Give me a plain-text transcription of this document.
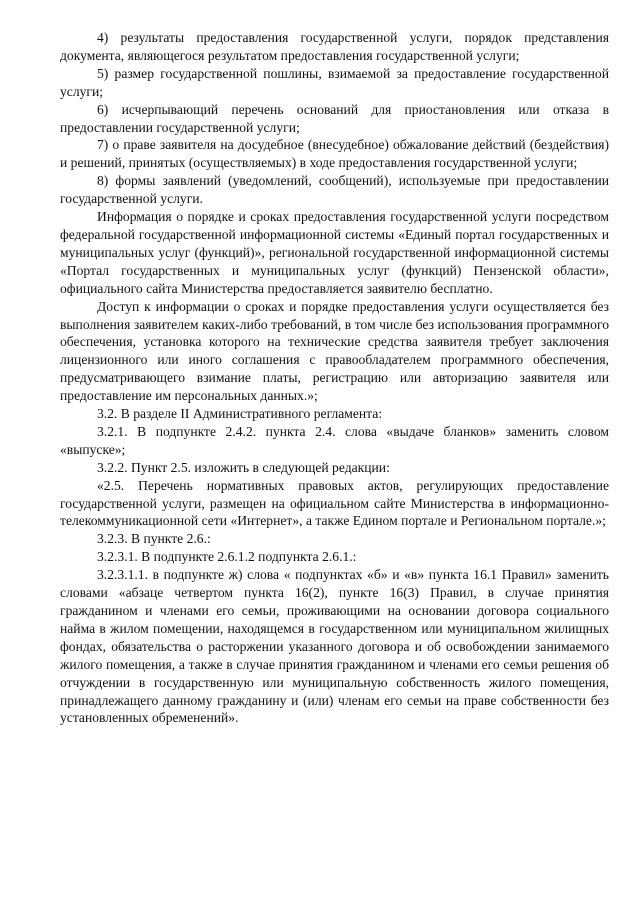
4) результаты предоставления государственной услуги, порядок представления документа, являющегося результатом предоставления государственной услуги;

5) размер государственной пошлины, взимаемой за предоставление государственной услуги;

6) исчерпывающий перечень оснований для приостановления или отказа в предоставлении государственной услуги;

7) о праве заявителя на досудебное (внесудебное) обжалование действий (бездействия) и решений, принятых (осуществляемых) в ходе предоставления государственной услуги;

8) формы заявлений (уведомлений, сообщений), используемые при предоставлении государственной услуги.

Информация о порядке и сроках предоставления государственной услуги посредством федеральной государственной информационной системы «Единый портал государственных и муниципальных услуг (функций)», региональной государственной информационной системы «Портал государственных и муниципальных услуг (функций) Пензенской области», официального сайта Министерства предоставляется заявителю бесплатно.

Доступ к информации о сроках и порядке предоставления услуги осуществляется без выполнения заявителем каких-либо требований, в том числе без использования программного обеспечения, установка которого на технические средства заявителя требует заключения лицензионного или иного соглашения с правообладателем программного обеспечения, предусматривающего взимание платы, регистрацию или авторизацию заявителя или предоставление им персональных данных.»;

3.2. В разделе II Административного регламента:

3.2.1. В подпункте 2.4.2. пункта 2.4. слова «выдаче бланков» заменить словом «выпуске»;

3.2.2. Пункт 2.5. изложить в следующей редакции:

«2.5. Перечень нормативных правовых актов, регулирующих предоставление государственной услуги, размещен на официальном сайте Министерства в информационно-телекоммуникационной сети «Интернет», а также Едином портале и Региональном портале.»;

3.2.3. В пункте 2.6.:

3.2.3.1. В подпункте 2.6.1.2 подпункта 2.6.1.:

3.2.3.1.1. в подпункте ж) слова « подпунктах «б» и «в» пункта 16.1 Правил» заменить словами «абзаце четвертом пункта 16(2), пункте 16(3) Правил, в случае принятия гражданином и членами его семьи, проживающими на основании договора социального найма в жилом помещении, находящемся в государственном или муниципальном жилищных фондах, обязательства о расторжении указанного договора и об освобождении занимаемого жилого помещения, а также в случае принятия гражданином и членами его семьи решения об отчуждении в государственную или муниципальную собственность жилого помещения, принадлежащего данному гражданину и (или) членам его семьи на праве собственности без установленных обременений».
